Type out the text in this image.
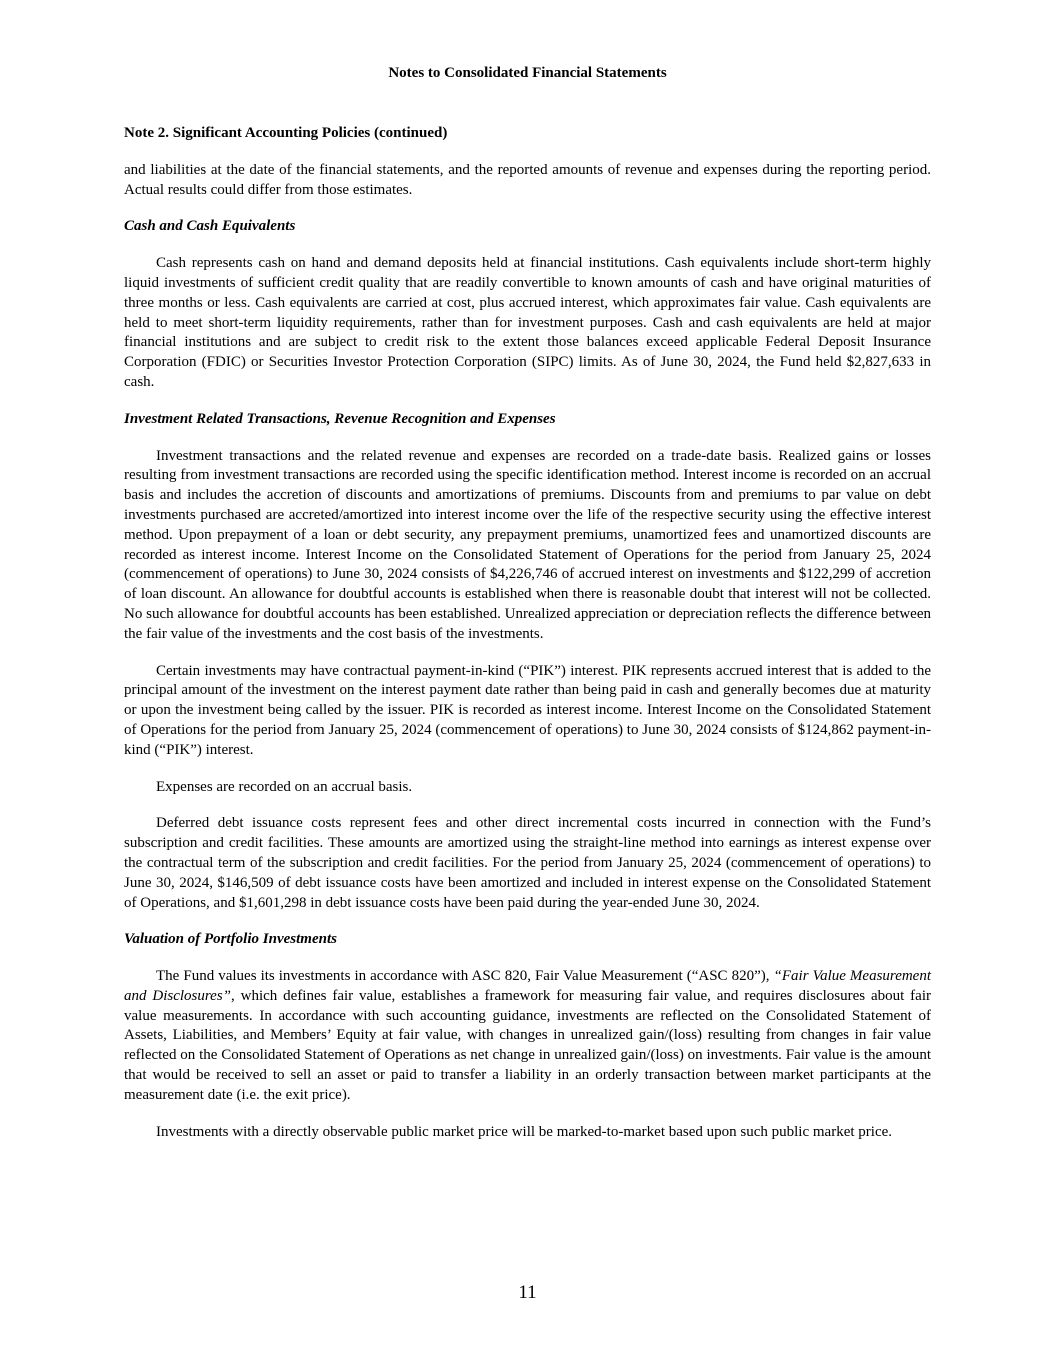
Notes to Consolidated Financial Statements
Note 2. Significant Accounting Policies (continued)

and liabilities at the date of the financial statements, and the reported amounts of revenue and expenses during the reporting period. Actual results could differ from those estimates.

Cash and Cash Equivalents

Cash represents cash on hand and demand deposits held at financial institutions. Cash equivalents include short-term highly liquid investments of sufficient credit quality that are readily convertible to known amounts of cash and have original maturities of three months or less. Cash equivalents are carried at cost, plus accrued interest, which approximates fair value. Cash equivalents are held to meet short-term liquidity requirements, rather than for investment purposes. Cash and cash equivalents are held at major financial institutions and are subject to credit risk to the extent those balances exceed applicable Federal Deposit Insurance Corporation (FDIC) or Securities Investor Protection Corporation (SIPC) limits. As of June 30, 2024, the Fund held $2,827,633 in cash.

Investment Related Transactions, Revenue Recognition and Expenses

Investment transactions and the related revenue and expenses are recorded on a trade-date basis. Realized gains or losses resulting from investment transactions are recorded using the specific identification method. Interest income is recorded on an accrual basis and includes the accretion of discounts and amortizations of premiums. Discounts from and premiums to par value on debt investments purchased are accreted/amortized into interest income over the life of the respective security using the effective interest method. Upon prepayment of a loan or debt security, any prepayment premiums, unamortized fees and unamortized discounts are recorded as interest income. Interest Income on the Consolidated Statement of Operations for the period from January 25, 2024 (commencement of operations) to June 30, 2024 consists of $4,226,746 of accrued interest on investments and $122,299 of accretion of loan discount. An allowance for doubtful accounts is established when there is reasonable doubt that interest will not be collected. No such allowance for doubtful accounts has been established. Unrealized appreciation or depreciation reflects the difference between the fair value of the investments and the cost basis of the investments.

Certain investments may have contractual payment-in-kind (“PIK”) interest. PIK represents accrued interest that is added to the principal amount of the investment on the interest payment date rather than being paid in cash and generally becomes due at maturity or upon the investment being called by the issuer. PIK is recorded as interest income. Interest Income on the Consolidated Statement of Operations for the period from January 25, 2024 (commencement of operations) to June 30, 2024 consists of $124,862 payment-in-kind (“PIK”) interest.

Expenses are recorded on an accrual basis.

Deferred debt issuance costs represent fees and other direct incremental costs incurred in connection with the Fund’s subscription and credit facilities. These amounts are amortized using the straight-line method into earnings as interest expense over the contractual term of the subscription and credit facilities. For the period from January 25, 2024 (commencement of operations) to June 30, 2024, $146,509 of debt issuance costs have been amortized and included in interest expense on the Consolidated Statement of Operations, and $1,601,298 in debt issuance costs have been paid during the year-ended June 30, 2024.

Valuation of Portfolio Investments

The Fund values its investments in accordance with ASC 820, Fair Value Measurement (“ASC 820”), “Fair Value Measurement and Disclosures”, which defines fair value, establishes a framework for measuring fair value, and requires disclosures about fair value measurements. In accordance with such accounting guidance, investments are reflected on the Consolidated Statement of Assets, Liabilities, and Members’ Equity at fair value, with changes in unrealized gain/(loss) resulting from changes in fair value reflected on the Consolidated Statement of Operations as net change in unrealized gain/(loss) on investments. Fair value is the amount that would be received to sell an asset or paid to transfer a liability in an orderly transaction between market participants at the measurement date (i.e. the exit price).

Investments with a directly observable public market price will be marked-to-market based upon such public market price.

11
